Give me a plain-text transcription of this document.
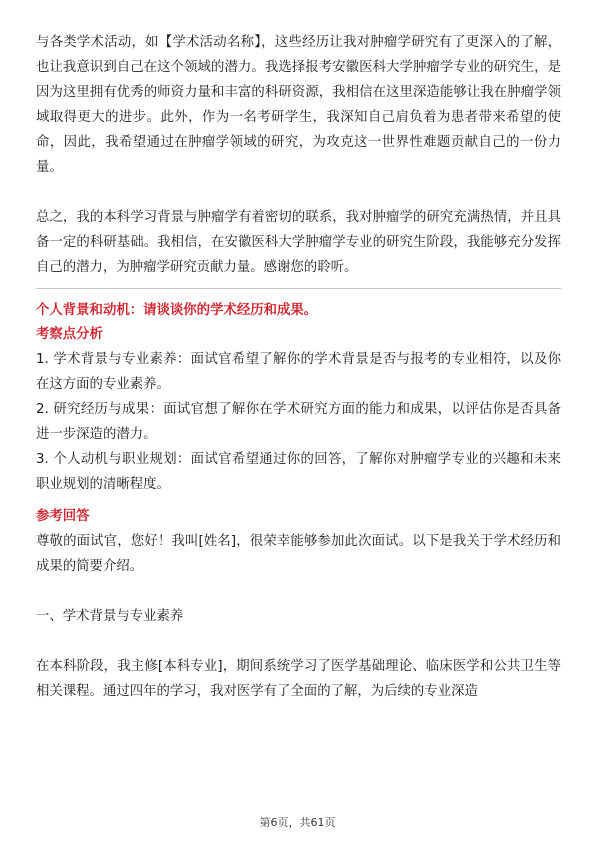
与各类学术活动，如【学术活动名称】，这些经历让我对肿瘤学研究有了更深入的了解，也让我意识到自己在这个领域的潜力。我选择报考安徽医科大学肿瘤学专业的研究生，是因为这里拥有优秀的师资力量和丰富的科研资源，我相信在这里深造能够让我在肿瘤学领域取得更大的进步。此外，作为一名考研学生，我深知自己肩负着为患者带来希望的使命，因此，我希望通过在肿瘤学领域的研究，为攻克这一世界性难题贡献自己的一份力量。

总之，我的本科学习背景与肿瘤学有着密切的联系，我对肿瘤学的研究充满热情，并且具备一定的科研基础。我相信，在安徽医科大学肿瘤学专业的研究生阶段，我能够充分发挥自己的潜力，为肿瘤学研究贡献力量。感谢您的聆听。

个人背景和动机：请谈谈你的学术经历和成果。

考察点分析

1. 学术背景与专业素养：面试官希望了解你的学术背景是否与报考的专业相符，以及你在这方面的专业素养。

2. 研究经历与成果：面试官想了解你在学术研究方面的能力和成果，以评估你是否具备进一步深造的潜力。

3. 个人动机与职业规划：面试官希望通过你的回答，了解你对肿瘤学专业的兴趣和未来职业规划的清晰程度。

参考回答

尊敬的面试官，您好！我叫[姓名]，很荣幸能够参加此次面试。以下是我关于学术经历和成果的简要介绍。

一、学术背景与专业素养

在本科阶段，我主修[本科专业]，期间系统学习了医学基础理论、临床医学和公共卫生等相关课程。通过四年的学习，我对医学有了全面的了解，为后续的专业深造

第6页，共61页
